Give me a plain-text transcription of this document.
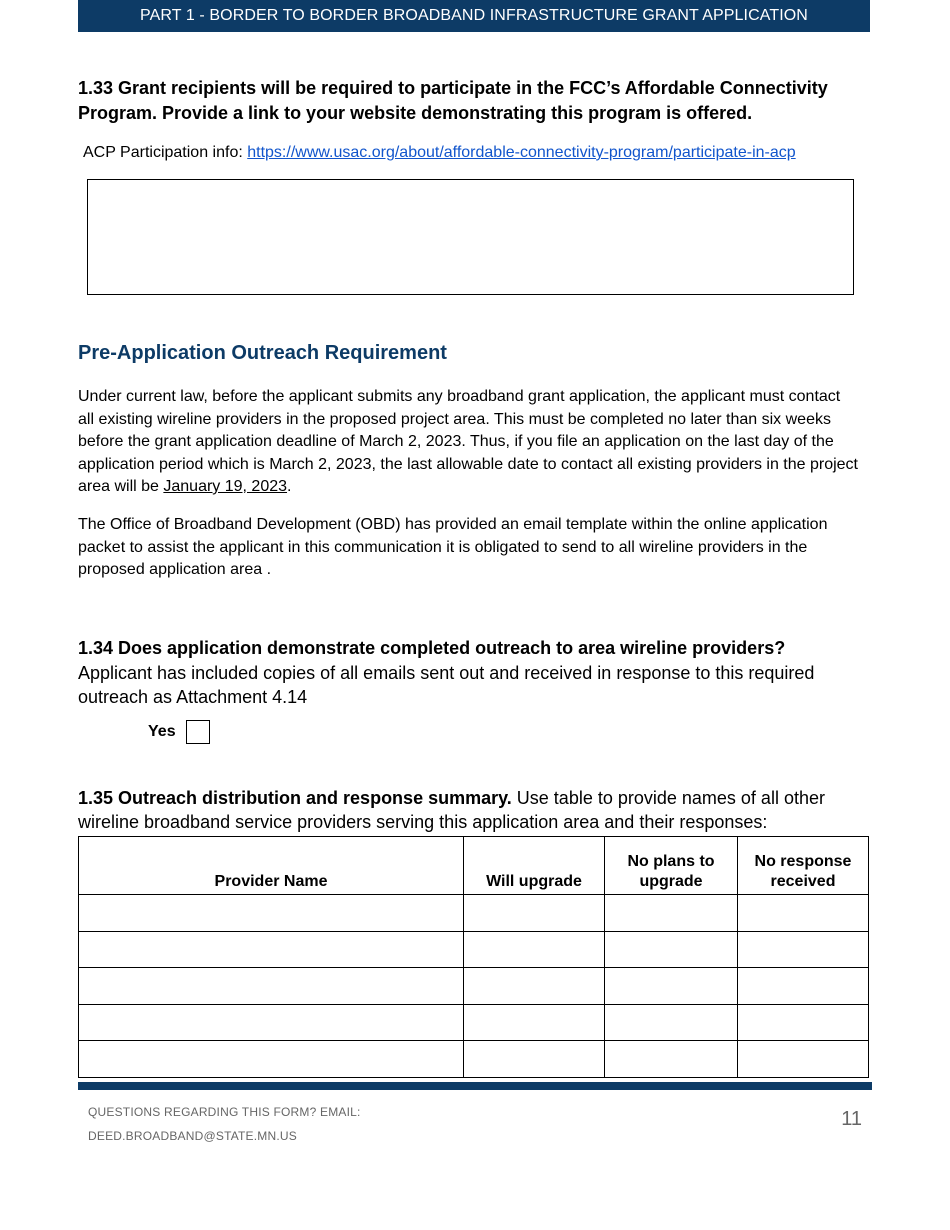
PART 1 - BORDER TO BORDER BROADBAND INFRASTRUCTURE GRANT APPLICATION
1.33 Grant recipients will be required to participate in the FCC’s Affordable Connectivity Program. Provide a link to your website demonstrating this program is offered.
ACP Participation info: https://www.usac.org/about/affordable-connectivity-program/participate-in-acp
Pre-Application Outreach Requirement
Under current law, before the applicant submits any broadband grant application, the applicant must contact all existing wireline providers in the proposed project area. This must be completed no later than six weeks before the grant application deadline of March 2, 2023. Thus, if you file an application on the last day of the application period which is March 2, 2023, the last allowable date to contact all existing providers in the project area will be January 19, 2023.
The Office of Broadband Development (OBD) has provided an email template within the online application packet to assist the applicant in this communication it is obligated to send to all wireline providers in the proposed application area .
1.34 Does application demonstrate completed outreach to area wireline providers?
Applicant has included copies of all emails sent out and received in response to this required outreach as Attachment 4.14
Yes
1.35 Outreach distribution and response summary. Use table to provide names of all other wireline broadband service providers serving this application area and their responses:
Provider Name	Will upgrade	No plans to upgrade	No response received

QUESTIONS REGARDING THIS FORM? EMAIL:
DEED.BROADBAND@STATE.MN.US
11
